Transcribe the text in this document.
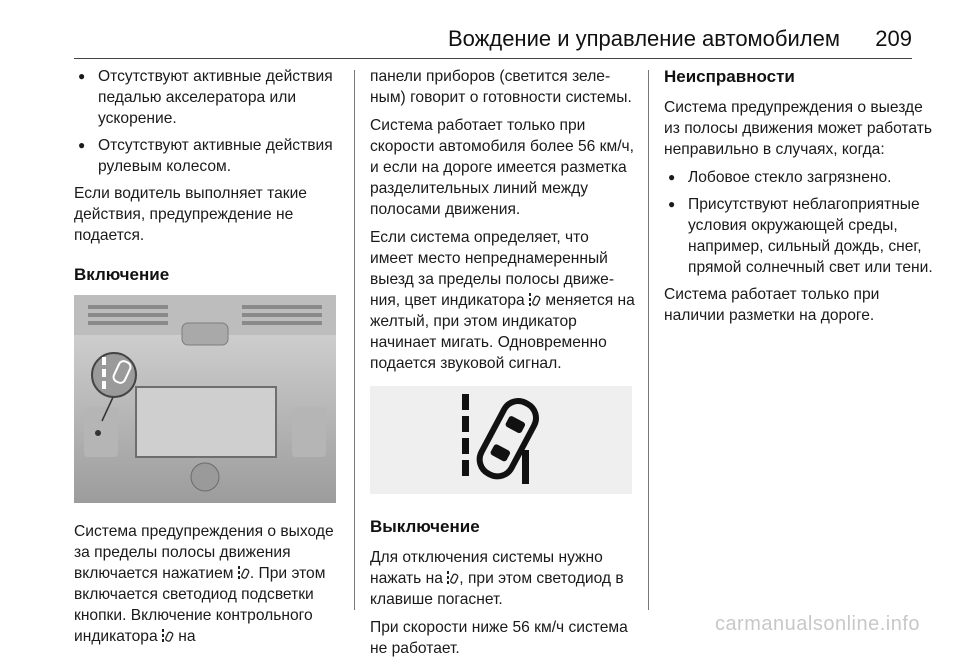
Вождение и управление автомобилем 209
● Отсутствуют активные действия педалью акселератора или ускорение.
● Отсутствуют активные действия рулевым колесом.

Если водитель выполняет такие действия, предупреждение не подается.

Включение

Система предупреждения о выходе за пределы полосы движения включается нажатием . При этом включается светодиод подсветки кнопки. Включение контрольного индикатора  на

панели приборов (светится зеленым) говорит о готовности системы.

Система работает только при скорости автомобиля более 56 км/ч, и если на дороге имеется разметка разделительных линий между полосами движения.

Если система определяет, что имеет место непреднамеренный выезд за пределы полосы движения, цвет индикатора  меняется на желтый, при этом индикатор начинает мигать. Одновременно подается звуковой сигнал.

Выключение

Для отключения системы нужно нажать на , при этом светодиод в клавише погаснет.

При скорости ниже 56 км/ч система не работает.

Неисправности

Система предупреждения о выезде из полосы движения может работать неправильно в случаях, когда:

● Лобовое стекло загрязнено.
● Присутствуют неблагоприятные условия окружающей среды, например, сильный дождь, снег, прямой солнечный свет или тени.

Система работает только при наличии разметки на дороге.

carmanualsonline.info
